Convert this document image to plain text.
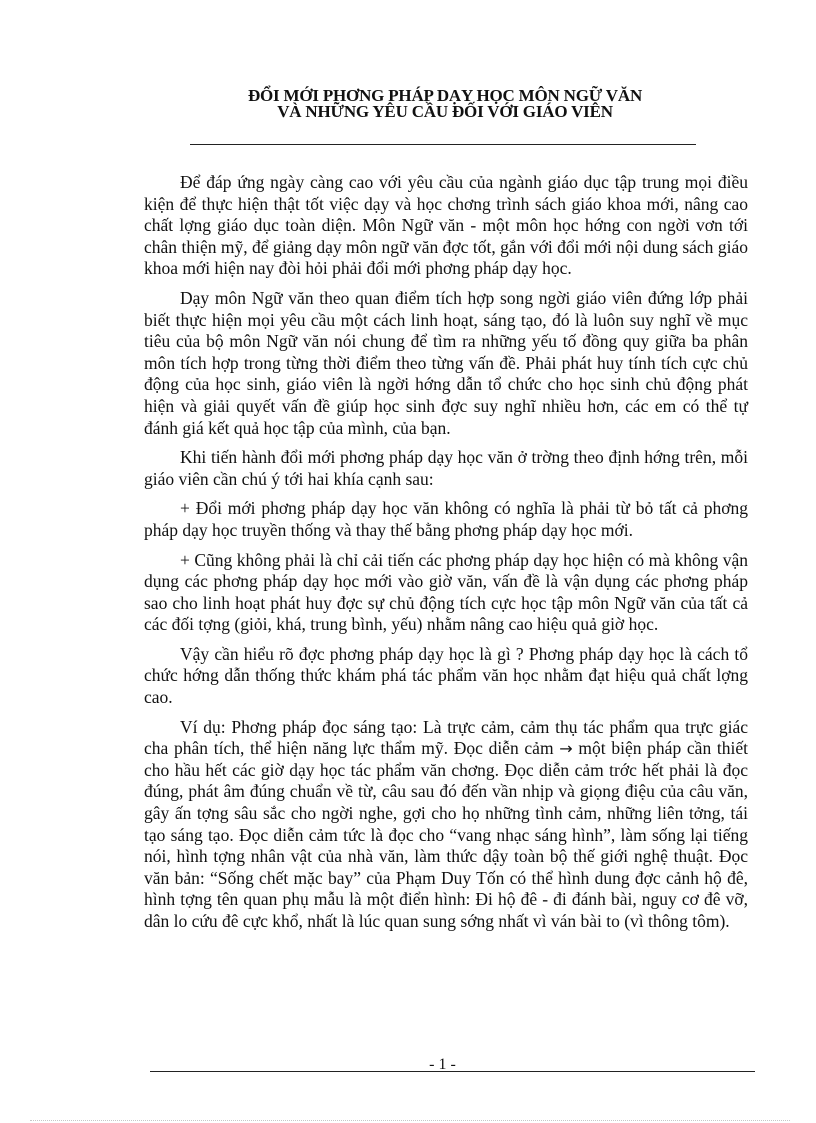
ĐỔI MỚI PHƠNG PHÁP DẠY HỌC MÔN NGỮ VĂN
VÀ NHỮNG YÊU CẦU ĐỐI VỚI GIÁO VIÊN

Để đáp ứng ngày càng cao với yêu cầu của ngành giáo dục tập trung mọi điều kiện để thực hiện thật tốt việc dạy và học chơng trình sách giáo khoa mới, nâng cao chất lợng giáo dục toàn diện. Môn Ngữ văn - một môn học hớng con ngời vơn tới chân thiện mỹ, để giảng dạy môn ngữ văn đợc tốt, gắn với đổi mới nội dung sách giáo khoa mới hiện nay đòi hỏi phải đổi mới phơng pháp dạy học.

Dạy môn Ngữ văn theo quan điểm tích hợp song ngời giáo viên đứng lớp phải biết thực hiện mọi yêu cầu một cách linh hoạt, sáng tạo, đó là luôn suy nghĩ về mục tiêu của bộ môn Ngữ văn nói chung để tìm ra những yếu tố đồng quy giữa ba phân môn tích hợp trong từng thời điểm theo từng vấn đề. Phải phát huy tính tích cực chủ động của học sinh, giáo viên là ngời hớng dẫn tổ chức cho học sinh chủ động phát hiện và giải quyết vấn đề giúp học sinh đợc suy nghĩ nhiều hơn, các em có thể tự đánh giá kết quả học tập của mình, của bạn.

Khi tiến hành đổi mới phơng pháp dạy học văn ở trờng theo định hớng trên, mỗi giáo viên cần chú ý tới hai khía cạnh sau:

+ Đổi mới phơng pháp dạy học văn không có nghĩa là phải từ bỏ tất cả phơng pháp dạy học truyền thống và thay thế bằng phơng pháp dạy học mới.

+ Cũng không phải là chỉ cải tiến các phơng pháp dạy học hiện có mà không vận dụng các phơng pháp dạy học mới vào giờ văn, vấn đề là vận dụng các phơng pháp sao cho linh hoạt phát huy đợc sự chủ động tích cực học tập môn Ngữ văn của tất cả các đối tợng (giỏi, khá, trung bình, yếu) nhằm nâng cao hiệu quả giờ học.

Vậy cần hiểu rõ đợc phơng pháp dạy học là gì ? Phơng pháp dạy học là cách tổ chức hớng dẫn thống thức khám phá tác phẩm văn học nhằm đạt hiệu quả chất lợng cao.

Ví dụ: Phơng pháp đọc sáng tạo: Là trực cảm, cảm thụ tác phẩm qua trực giác cha phân tích, thể hiện năng lực thẩm mỹ. Đọc diễn cảm → một biện pháp cần thiết cho hầu hết các giờ dạy học tác phẩm văn chơng. Đọc diễn cảm trớc hết phải là đọc đúng, phát âm đúng chuẩn về từ, câu sau đó đến vần nhịp và giọng điệu của câu văn, gây ấn tợng sâu sắc cho ngời nghe, gợi cho họ những tình cảm, những liên tởng, tái tạo sáng tạo. Đọc diễn cảm tức là đọc cho “vang nhạc sáng hình”, làm sống lại tiếng nói, hình tợng nhân vật của nhà văn, làm thức dậy toàn bộ thế giới nghệ thuật. Đọc văn bản: “Sống chết mặc bay” của Phạm Duy Tốn có thể hình dung đợc cảnh hộ đê, hình tợng tên quan phụ mẫu là một điển hình: Đi hộ đê - đi đánh bài, nguy cơ đê vỡ, dân lo cứu đê cực khổ, nhất là lúc quan sung sớng nhất vì ván bài to (vì thông tôm).

- 1 -
